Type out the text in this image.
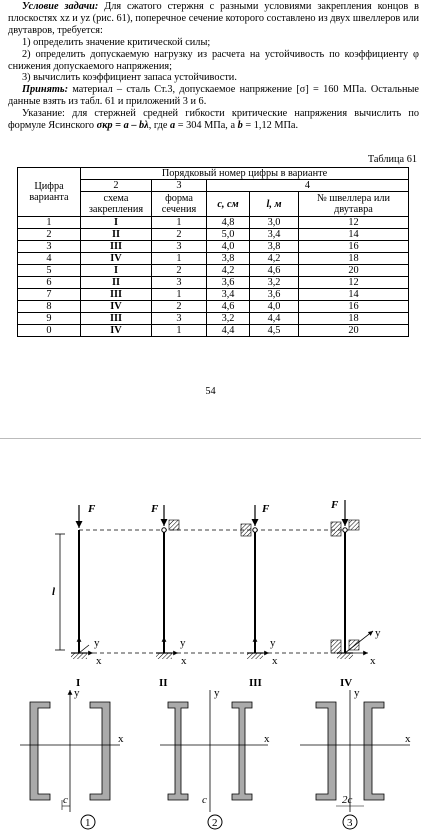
Условие задачи: Для сжатого стержня с разными условиями закрепления концов в плоскостях xz и yz (рис. 61), поперечное сечение которого составлено из двух швеллеров или двутавров, требуется:

1) определить значение критической силы;

2) определить допускаемую нагрузку из расчета на устойчивость по коэффициенту φ снижения допускаемого напряжения;

3) вычислить коэффициент запаса устойчивости.

Принять: материал – сталь Ст.3, допускаемое напряжение [σ] = 160 МПа. Остальные данные взять из табл. 61 и приложений 3 и 6.

Указание: для стержней средней гибкости критические напряжения вычислить по формуле Ясинского σкр = a – bλ, где a = 304 МПа, а b = 1,12 МПа.

Таблица 61
Цифра варианта	Порядковый номер цифры в варианте				
	2	3	4		
	схема закрепления	форма сечения	c, см	l, м	№ швеллера или двутавра
1	I	1	4,8	3,0	12
2	II	2	5,0	3,4	14
3	III	3	4,0	3,8	16
4	IV	1	3,8	4,2	18
5	I	2	4,2	4,6	20
6	II	3	3,6	3,2	12
7	III	1	3,4	3,6	14
8	IV	2	4,6	4,0	16
9	III	3	3,2	4,4	18
0	IV	1	4,4	4,5	20
54
F
y
x
l
I
F
y
x
II
F
y
x
III
F
y
x
IV
y
x
c
1
y
x
c
2
y
x
2c
3
